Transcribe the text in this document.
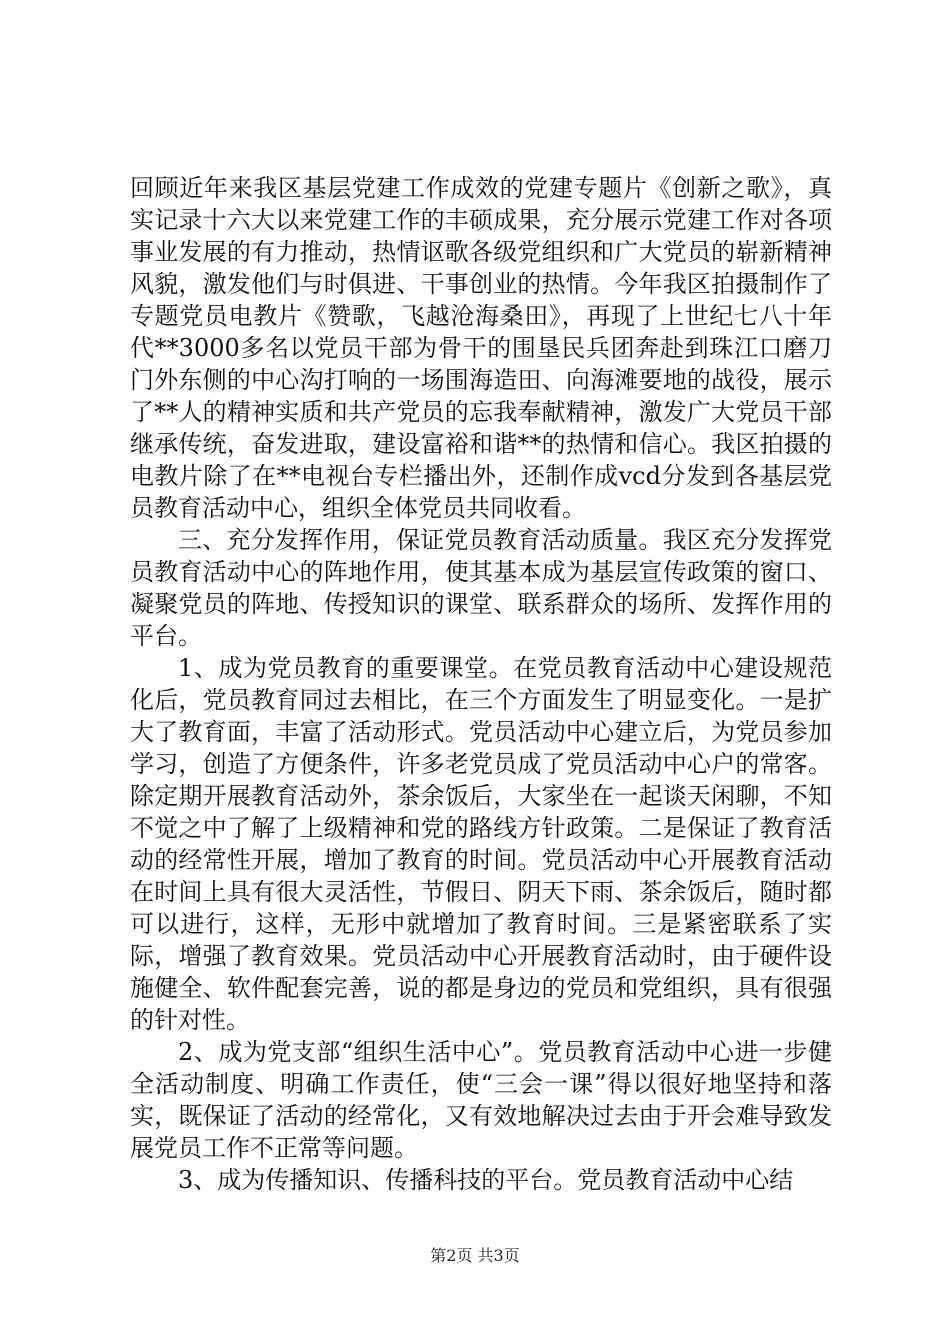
回顾近年来我区基层党建工作成效的党建专题片《创新之歌》，真实记录十六大以来党建工作的丰硕成果，充分展示党建工作对各项事业发展的有力推动，热情讴歌各级党组织和广大党员的崭新精神风貌，激发他们与时俱进、干事创业的热情。今年我区拍摄制作了专题党员电教片《赞歌，飞越沧海桑田》，再现了上世纪七八十年代**3000多名以党员干部为骨干的围垦民兵团奔赴到珠江口磨刀门外东侧的中心沟打响的一场围海造田、向海滩要地的战役，展示了**人的精神实质和共产党员的忘我奉献精神，激发广大党员干部继承传统，奋发进取，建设富裕和谐**的热情和信心。我区拍摄的电教片除了在**电视台专栏播出外，还制作成vcd分发到各基层党员教育活动中心，组织全体党员共同收看。

三、充分发挥作用，保证党员教育活动质量。我区充分发挥党员教育活动中心的阵地作用，使其基本成为基层宣传政策的窗口、凝聚党员的阵地、传授知识的课堂、联系群众的场所、发挥作用的平台。

1、成为党员教育的重要课堂。在党员教育活动中心建设规范化后，党员教育同过去相比，在三个方面发生了明显变化。一是扩大了教育面，丰富了活动形式。党员活动中心建立后，为党员参加学习，创造了方便条件，许多老党员成了党员活动中心户的常客。除定期开展教育活动外，茶余饭后，大家坐在一起谈天闲聊，不知不觉之中了解了上级精神和党的路线方针政策。二是保证了教育活动的经常性开展，增加了教育的时间。党员活动中心开展教育活动在时间上具有很大灵活性，节假日、阴天下雨、茶余饭后，随时都可以进行，这样，无形中就增加了教育时间。三是紧密联系了实际，增强了教育效果。党员活动中心开展教育活动时，由于硬件设施健全、软件配套完善，说的都是身边的党员和党组织，具有很强的针对性。

2、成为党支部“组织生活中心”。党员教育活动中心进一步健全活动制度、明确工作责任，使“三会一课”得以很好地坚持和落实，既保证了活动的经常化，又有效地解决过去由于开会难导致发展党员工作不正常等问题。

3、成为传播知识、传播科技的平台。党员教育活动中心结

第2页 共3页
